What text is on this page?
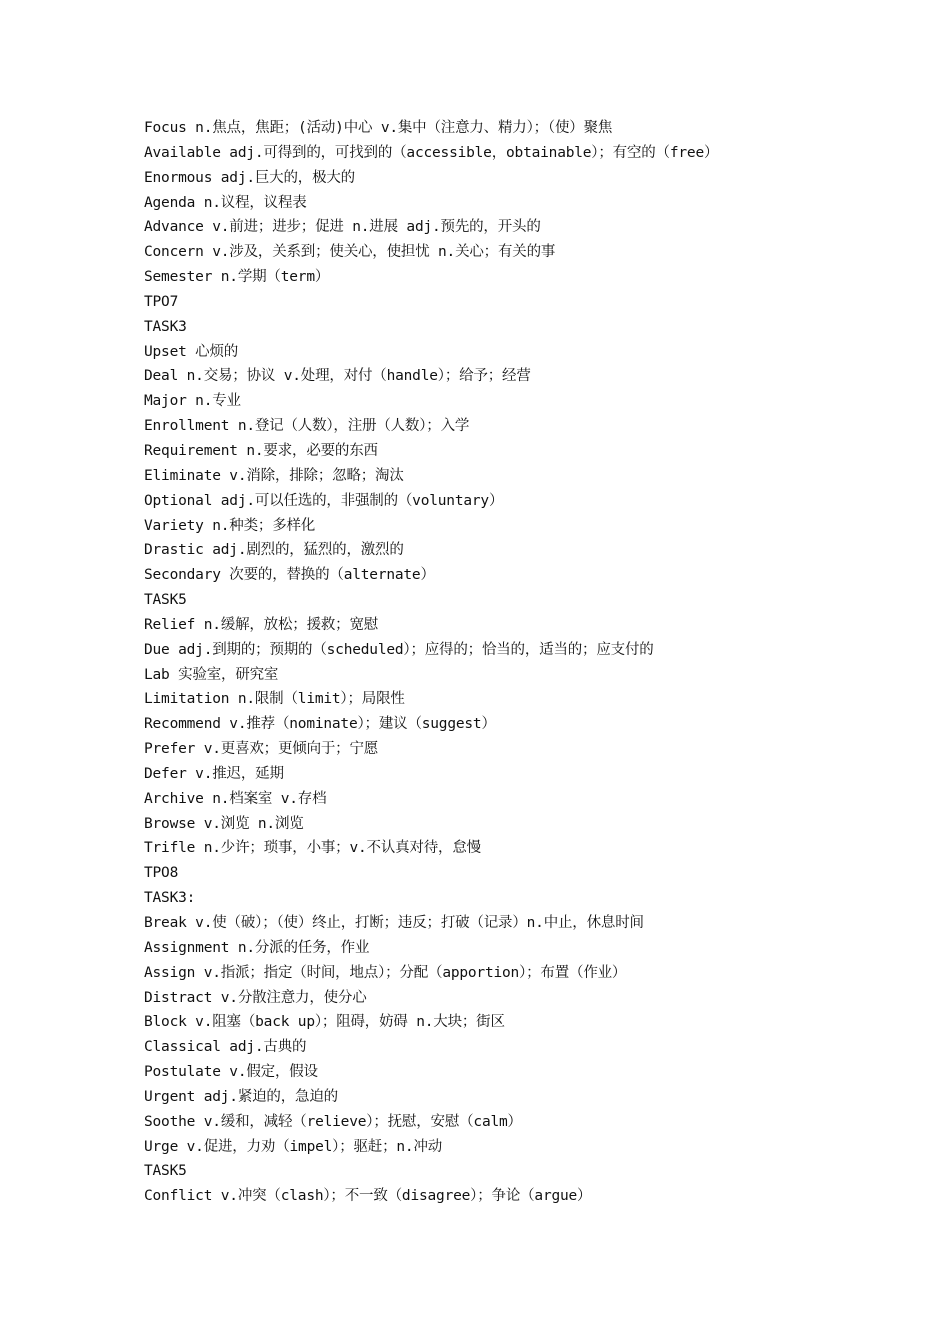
Focus n.焦点，焦距；(活动)中心 v.集中（注意力、精力）；（使）聚焦
Available adj.可得到的，可找到的（accessible，obtainable）；有空的（free）
Enormous adj.巨大的，极大的
Agenda n.议程，议程表
Advance v.前进；进步；促进 n.进展 adj.预先的，开头的
Concern v.涉及，关系到；使关心，使担忧 n.关心；有关的事
Semester n.学期（term）
TPO7
TASK3
Upset 心烦的
Deal n.交易；协议 v.处理，对付（handle）；给予；经营
Major n.专业
Enrollment n.登记（人数），注册（人数）；入学
Requirement n.要求，必要的东西
Eliminate v.消除，排除；忽略；淘汰
Optional adj.可以任选的，非强制的（voluntary）
Variety n.种类；多样化
Drastic adj.剧烈的，猛烈的，激烈的
Secondary 次要的，替换的（alternate）
TASK5
Relief n.缓解，放松；援救；宽慰
Due adj.到期的；预期的（scheduled）；应得的；恰当的，适当的；应支付的
Lab 实验室，研究室
Limitation n.限制（limit）；局限性
Recommend v.推荐（nominate）；建议（suggest）
Prefer v.更喜欢；更倾向于；宁愿
Defer v.推迟，延期
Archive n.档案室 v.存档
Browse v.浏览 n.浏览
Trifle n.少许；琐事，小事；v.不认真对待，怠慢
TPO8
TASK3:
Break v.使（破）；（使）终止，打断；违反；打破（记录）n.中止，休息时间
Assignment n.分派的任务，作业
Assign v.指派；指定（时间，地点）；分配（apportion）；布置（作业）
Distract v.分散注意力，使分心
Block v.阻塞（back up）；阻碍，妨碍 n.大块；街区
Classical adj.古典的
Postulate v.假定，假设
Urgent adj.紧迫的，急迫的
Soothe v.缓和，减轻（relieve）；抚慰，安慰（calm）
Urge v.促进，力劝（impel）；驱赶；n.冲动
TASK5
Conflict v.冲突（clash）；不一致（disagree）；争论（argue）
